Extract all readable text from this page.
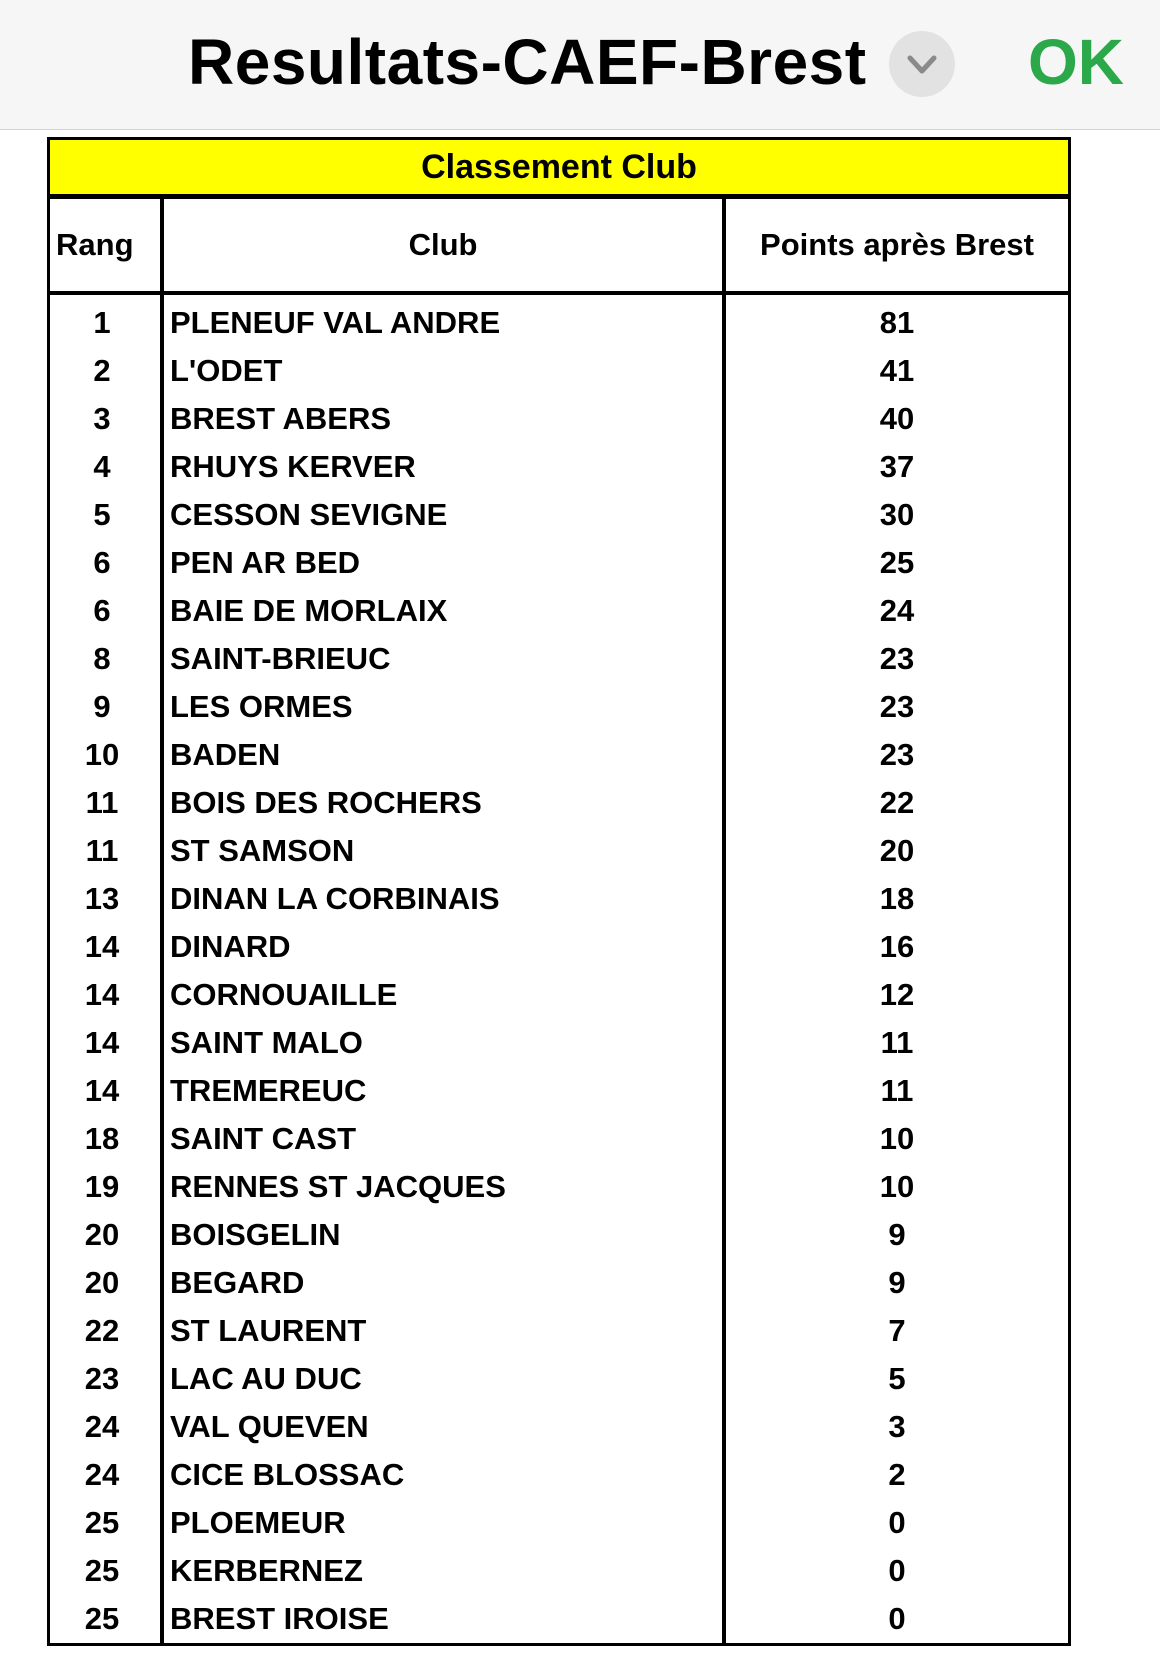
Resultats-CAEF-Brest	OK
Classement Club
Rang	Club	Points après Brest
1	PLENEUF VAL ANDRE	81
2	L'ODET	41
3	BREST ABERS	40
4	RHUYS KERVER	37
5	CESSON SEVIGNE	30
6	PEN AR BED	25
6	BAIE DE MORLAIX	24
8	SAINT-BRIEUC	23
9	LES ORMES	23
10	BADEN	23
11	BOIS DES ROCHERS	22
11	ST SAMSON	20
13	DINAN LA CORBINAIS	18
14	DINARD	16
14	CORNOUAILLE	12
14	SAINT MALO	11
14	TREMEREUC	11
18	SAINT CAST	10
19	RENNES ST JACQUES	10
20	BOISGELIN	9
20	BEGARD	9
22	ST LAURENT	7
23	LAC AU DUC	5
24	VAL QUEVEN	3
24	CICE BLOSSAC	2
25	PLOEMEUR	0
25	KERBERNEZ	0
25	BREST IROISE	0
